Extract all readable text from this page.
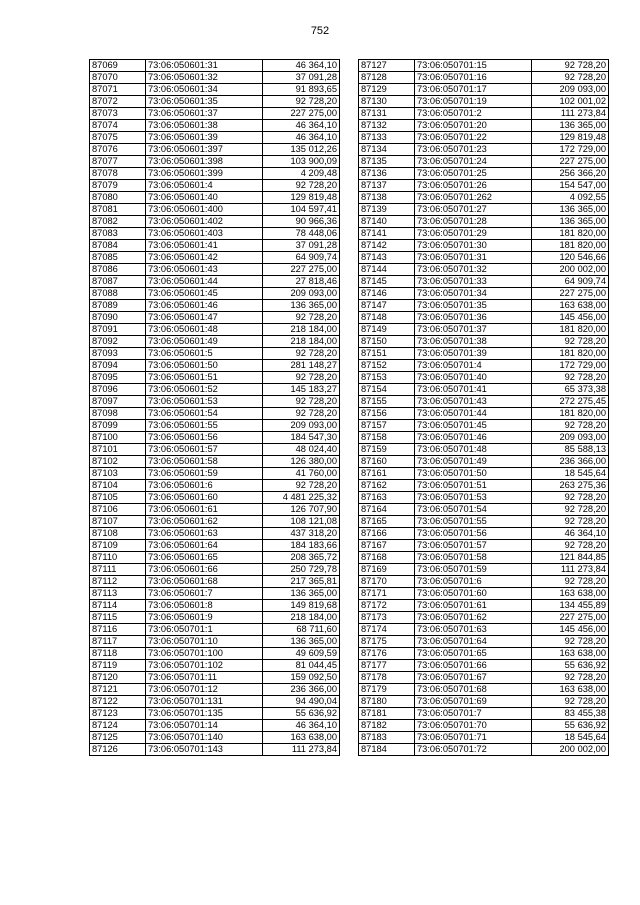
752
87069	73:06:050601:31	46 364,10
87070	73:06:050601:32	37 091,28
87071	73:06:050601:34	91 893,65
87072	73:06:050601:35	92 728,20
87073	73:06:050601:37	227 275,00
87074	73:06:050601:38	46 364,10
87075	73:06:050601:39	46 364,10
87076	73:06:050601:397	135 012,26
87077	73:06:050601:398	103 900,09
87078	73:06:050601:399	4 209,48
87079	73:06:050601:4	92 728,20
87080	73:06:050601:40	129 819,48
87081	73:06:050601:400	104 597,41
87082	73:06:050601:402	90 966,36
87083	73:06:050601:403	78 448,06
87084	73:06:050601:41	37 091,28
87085	73:06:050601:42	64 909,74
87086	73:06:050601:43	227 275,00
87087	73:06:050601:44	27 818,46
87088	73:06:050601:45	209 093,00
87089	73:06:050601:46	136 365,00
87090	73:06:050601:47	92 728,20
87091	73:06:050601:48	218 184,00
87092	73:06:050601:49	218 184,00
87093	73:06:050601:5	92 728,20
87094	73:06:050601:50	281 148,27
87095	73:06:050601:51	92 728,20
87096	73:06:050601:52	145 183,27
87097	73:06:050601:53	92 728,20
87098	73:06:050601:54	92 728,20
87099	73:06:050601:55	209 093,00
87100	73:06:050601:56	184 547,30
87101	73:06:050601:57	48 024,40
87102	73:06:050601:58	126 380,00
87103	73:06:050601:59	41 760,00
87104	73:06:050601:6	92 728,20
87105	73:06:050601:60	4 481 225,32
87106	73:06:050601:61	126 707,90
87107	73:06:050601:62	108 121,08
87108	73:06:050601:63	437 318,20
87109	73:06:050601:64	184 183,66
87110	73:06:050601:65	208 365,72
87111	73:06:050601:66	250 729,78
87112	73:06:050601:68	217 365,81
87113	73:06:050601:7	136 365,00
87114	73:06:050601:8	149 819,68
87115	73:06:050601:9	218 184,00
87116	73:06:050701:1	68 711,60
87117	73:06:050701:10	136 365,00
87118	73:06:050701:100	49 609,59
87119	73:06:050701:102	81 044,45
87120	73:06:050701:11	159 092,50
87121	73:06:050701:12	236 366,00
87122	73:06:050701:131	94 490,04
87123	73:06:050701:135	55 636,92
87124	73:06:050701:14	46 364,10
87125	73:06:050701:140	163 638,00
87126	73:06:050701:143	111 273,84
87127	73:06:050701:15	92 728,20
87128	73:06:050701:16	92 728,20
87129	73:06:050701:17	209 093,00
87130	73:06:050701:19	102 001,02
87131	73:06:050701:2	111 273,84
87132	73:06:050701:20	136 365,00
87133	73:06:050701:22	129 819,48
87134	73:06:050701:23	172 729,00
87135	73:06:050701:24	227 275,00
87136	73:06:050701:25	256 366,20
87137	73:06:050701:26	154 547,00
87138	73:06:050701:262	4 092,55
87139	73:06:050701:27	136 365,00
87140	73:06:050701:28	136 365,00
87141	73:06:050701:29	181 820,00
87142	73:06:050701:30	181 820,00
87143	73:06:050701:31	120 546,66
87144	73:06:050701:32	200 002,00
87145	73:06:050701:33	64 909,74
87146	73:06:050701:34	227 275,00
87147	73:06:050701:35	163 638,00
87148	73:06:050701:36	145 456,00
87149	73:06:050701:37	181 820,00
87150	73:06:050701:38	92 728,20
87151	73:06:050701:39	181 820,00
87152	73:06:050701:4	172 729,00
87153	73:06:050701:40	92 728,20
87154	73:06:050701:41	65 373,38
87155	73:06:050701:43	272 275,45
87156	73:06:050701:44	181 820,00
87157	73:06:050701:45	92 728,20
87158	73:06:050701:46	209 093,00
87159	73:06:050701:48	85 588,13
87160	73:06:050701:49	236 366,00
87161	73:06:050701:50	18 545,64
87162	73:06:050701:51	263 275,36
87163	73:06:050701:53	92 728,20
87164	73:06:050701:54	92 728,20
87165	73:06:050701:55	92 728,20
87166	73:06:050701:56	46 364,10
87167	73:06:050701:57	92 728,20
87168	73:06:050701:58	121 844,85
87169	73:06:050701:59	111 273,84
87170	73:06:050701:6	92 728,20
87171	73:06:050701:60	163 638,00
87172	73:06:050701:61	134 455,89
87173	73:06:050701:62	227 275,00
87174	73:06:050701:63	145 456,00
87175	73:06:050701:64	92 728,20
87176	73:06:050701:65	163 638,00
87177	73:06:050701:66	55 636,92
87178	73:06:050701:67	92 728,20
87179	73:06:050701:68	163 638,00
87180	73:06:050701:69	92 728,20
87181	73:06:050701:7	83 455,38
87182	73:06:050701:70	55 636,92
87183	73:06:050701:71	18 545,64
87184	73:06:050701:72	200 002,00
